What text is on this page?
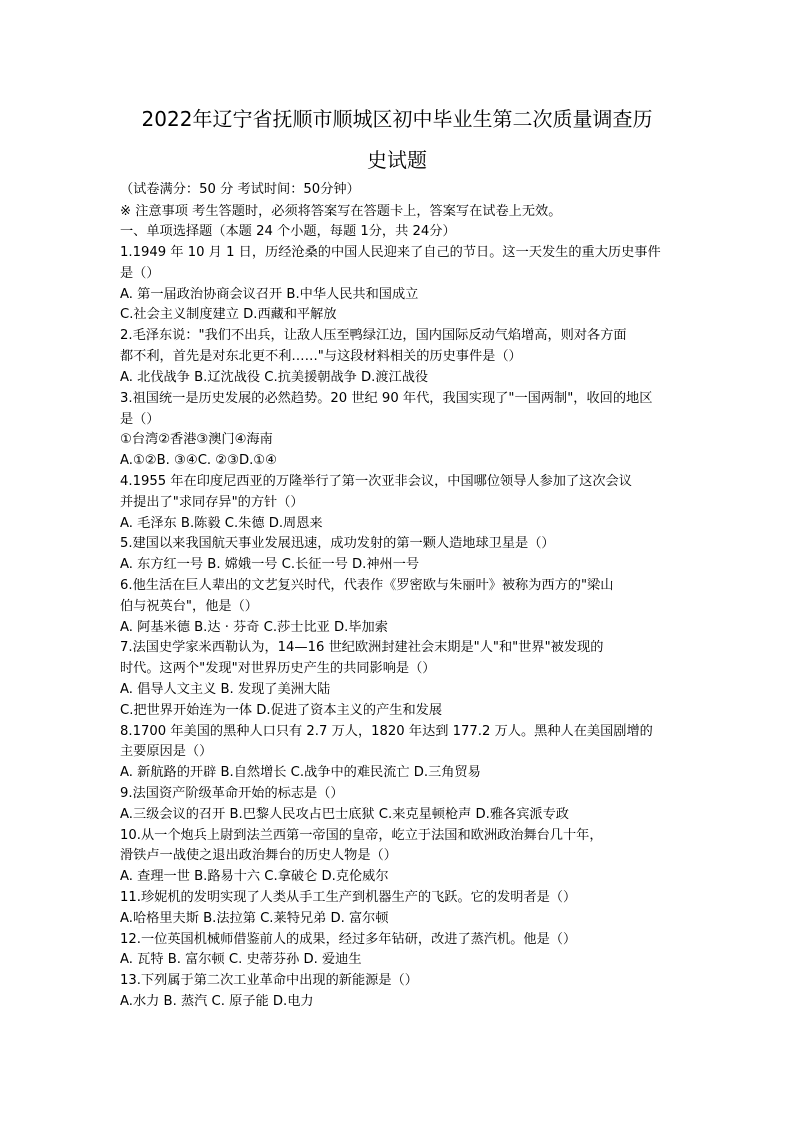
2022年辽宁省抚顺市顺城区初中毕业生第二次质量调查历
史试题
（试卷满分：50 分 考试时间：50分钟）
※ 注意事项 考生答题时，必须将答案写在答题卡上，答案写在试卷上无效。
一、单项选择题（本题 24 个小题，每题 1分，共 24分）
1.1949 年 10 月 1 日，历经沧桑的中国人民迎来了自己的节日。这一天发生的重大历史事件
是（）
A. 第一届政治协商会议召开 B.中华人民共和国成立
C.社会主义制度建立 D.西藏和平解放
2.毛泽东说："我们不出兵，让敌人压至鸭绿江边，国内国际反动气焰增高，则对各方面
都不利，首先是对东北更不利……"与这段材料相关的历史事件是（）
A. 北伐战争 B.辽沈战役 C.抗美援朝战争 D.渡江战役
3.祖国统一是历史发展的必然趋势。20 世纪 90 年代，我国实现了"一国两制"，收回的地区
是（）
①台湾②香港③澳门④海南
A.①②B. ③④C. ②③D.①④
4.1955 年在印度尼西亚的万隆举行了第一次亚非会议，中国哪位领导人参加了这次会议
并提出了"求同存异"的方针（）
A. 毛泽东 B.陈毅 C.朱德 D.周恩来
5.建国以来我国航天事业发展迅速，成功发射的第一颗人造地球卫星是（）
A. 东方红一号 B. 嫦娥一号 C.长征一号 D.神州一号
6.他生活在巨人辈出的文艺复兴时代，代表作《罗密欧与朱丽叶》被称为西方的"梁山
伯与祝英台"，他是（）
A. 阿基米德 B.达 · 芬奇 C.莎士比亚 D.毕加索
7.法国史学家米西勒认为，14—16 世纪欧洲封建社会末期是"人"和"世界"被发现的
时代。这两个"发现"对世界历史产生的共同影响是（）
A. 倡导人文主义 B. 发现了美洲大陆
C.把世界开始连为一体 D.促进了资本主义的产生和发展
8.1700 年美国的黑种人口只有 2.7 万人，1820 年达到 177.2 万人。黑种人在美国剧增的
主要原因是（）
A. 新航路的开辟 B.自然增长 C.战争中的难民流亡 D.三角贸易
9.法国资产阶级革命开始的标志是（）
A.三级会议的召开 B.巴黎人民攻占巴士底狱 C.来克星顿枪声 D.雅各宾派专政
10.从一个炮兵上尉到法兰西第一帝国的皇帝，屹立于法国和欧洲政治舞台几十年，
滑铁卢一战使之退出政治舞台的历史人物是（）
A. 查理一世 B.路易十六 C.拿破仑 D.克伦威尔
11.珍妮机的发明实现了人类从手工生产到机器生产的飞跃。它的发明者是（）
A.哈格里夫斯 B.法拉第 C.莱特兄弟 D. 富尔顿
12.一位英国机械师借鉴前人的成果，经过多年钻研，改进了蒸汽机。他是（）
A. 瓦特 B. 富尔顿 C. 史蒂芬孙 D. 爱迪生
13.下列属于第二次工业革命中出现的新能源是（）
A.水力 B. 蒸汽 C. 原子能 D.电力
